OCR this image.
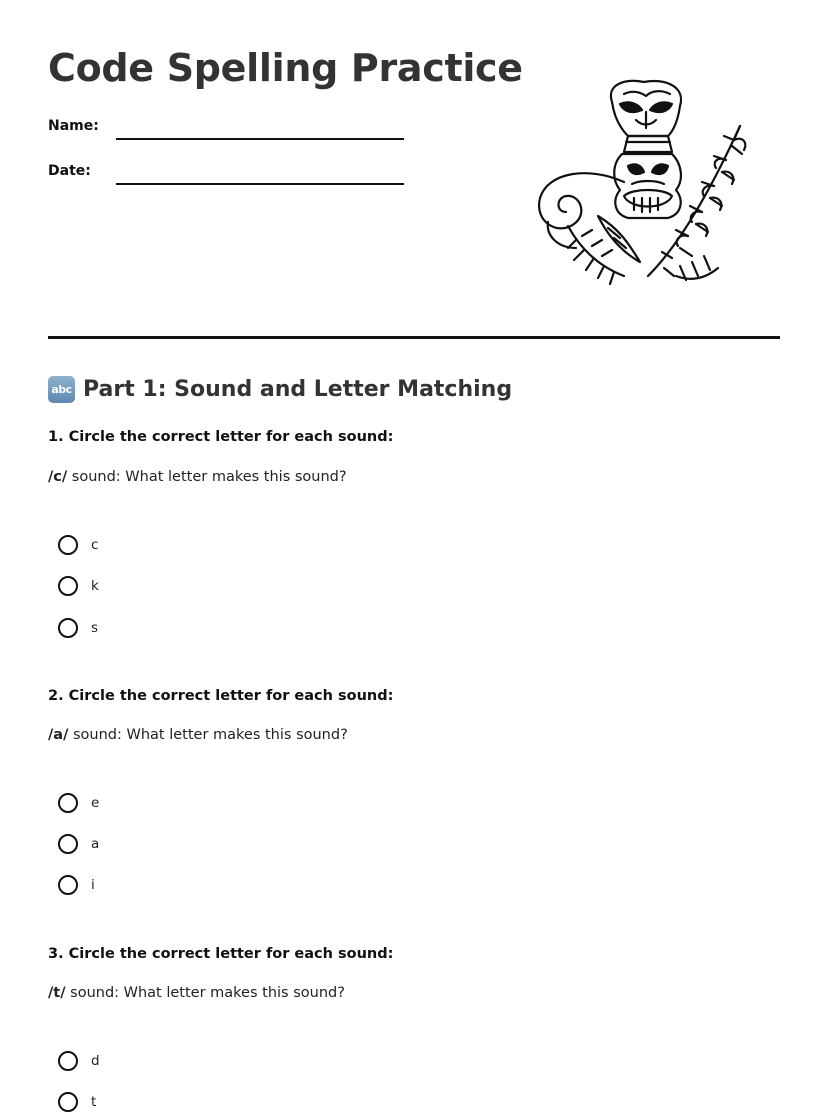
Code Spelling Practice
Name:
Date:
abc Part 1: Sound and Letter Matching

1. Circle the correct letter for each sound:

/c/ sound: What letter makes this sound?
c
k
s

2. Circle the correct letter for each sound:

/a/ sound: What letter makes this sound?
e
a
i

3. Circle the correct letter for each sound:

/t/ sound: What letter makes this sound?
d
t
